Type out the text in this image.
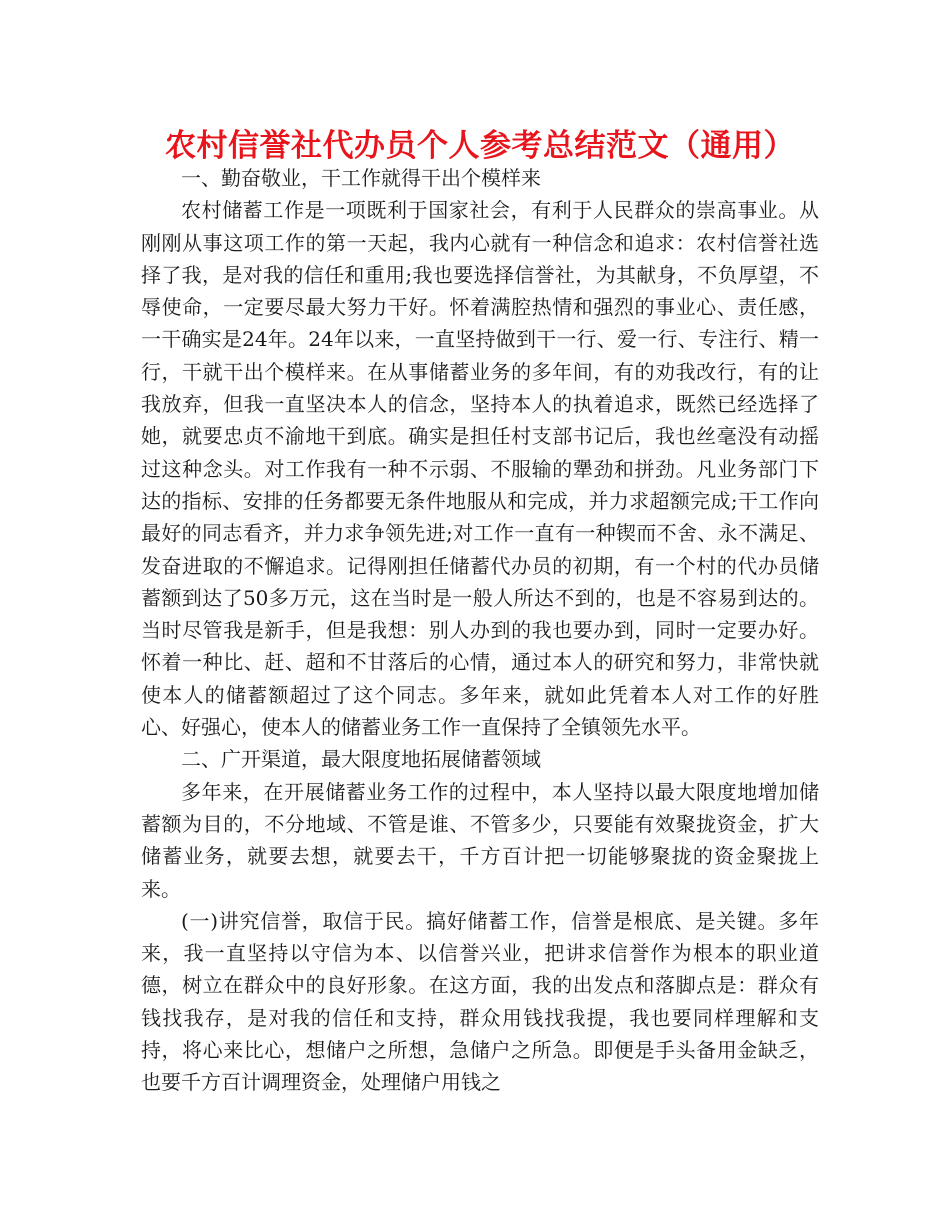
农村信誉社代办员个人参考总结范文（通用）

一、勤奋敬业，干工作就得干出个模样来

农村储蓄工作是一项既利于国家社会，有利于人民群众的崇高事业。从刚刚从事这项工作的第一天起，我内心就有一种信念和追求：农村信誉社选择了我，是对我的信任和重用;我也要选择信誉社，为其献身，不负厚望，不辱使命，一定要尽最大努力干好。怀着满腔热情和强烈的事业心、责任感，一干确实是24年。24年以来，一直坚持做到干一行、爱一行、专注行、精一行，干就干出个模样来。在从事储蓄业务的多年间，有的劝我改行，有的让我放弃，但我一直坚决本人的信念，坚持本人的执着追求，既然已经选择了她，就要忠贞不渝地干到底。确实是担任村支部书记后，我也丝毫没有动摇过这种念头。对工作我有一种不示弱、不服输的犟劲和拼劲。凡业务部门下达的指标、安排的任务都要无条件地服从和完成，并力求超额完成;干工作向最好的同志看齐，并力求争领先进;对工作一直有一种锲而不舍、永不满足、发奋进取的不懈追求。记得刚担任储蓄代办员的初期，有一个村的代办员储蓄额到达了50多万元，这在当时是一般人所达不到的，也是不容易到达的。当时尽管我是新手，但是我想：别人办到的我也要办到，同时一定要办好。怀着一种比、赶、超和不甘落后的心情，通过本人的研究和努力，非常快就使本人的储蓄额超过了这个同志。多年来，就如此凭着本人对工作的好胜心、好强心，使本人的储蓄业务工作一直保持了全镇领先水平。

二、广开渠道，最大限度地拓展储蓄领域

多年来，在开展储蓄业务工作的过程中，本人坚持以最大限度地增加储蓄额为目的，不分地域、不管是谁、不管多少，只要能有效聚拢资金，扩大储蓄业务，就要去想，就要去干，千方百计把一切能够聚拢的资金聚拢上来。

(一)讲究信誉，取信于民。搞好储蓄工作，信誉是根底、是关键。多年来，我一直坚持以守信为本、以信誉兴业，把讲求信誉作为根本的职业道德，树立在群众中的良好形象。在这方面，我的出发点和落脚点是：群众有钱找我存，是对我的信任和支持，群众用钱找我提，我也要同样理解和支持，将心来比心，想储户之所想，急储户之所急。即便是手头备用金缺乏，也要千方百计调理资金，处理储户用钱之
